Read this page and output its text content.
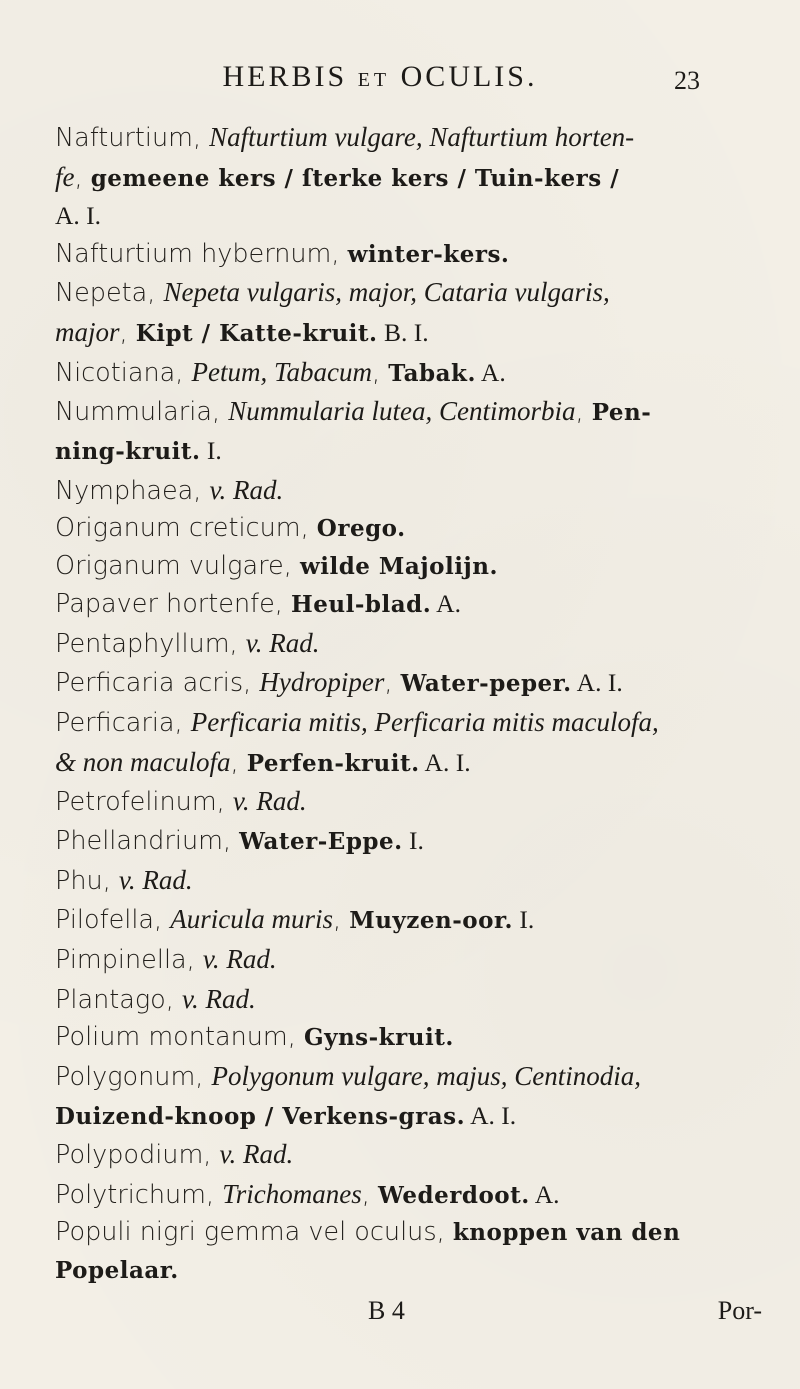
HERBIS ET OCULIS.	23
Nafturtium, Nafturtium vulgare, Nafturtium horten-
fe, gemeene kers / ſterke kers / Tuin-kers /
A. I.
Nafturtium hybernum, winter-kers.
Nepeta, Nepeta vulgaris, major, Cataria vulgaris,
major, Kipt / Katte-kruit. B. I.
Nicotiana, Petum, Tabacum, Tabak. A.
Nummularia, Nummularia lutea, Centimorbia, Pen-
ning-kruit. I.
Nymphaea, v. Rad.
Origanum creticum, Orego.
Origanum vulgare, wilde Majolijn.
Papaver hortenfe, Heul-blad. A.
Pentaphyllum, v. Rad.
Perficaria acris, Hydropiper, Water-peper. A. I.
Perficaria, Perficaria mitis, Perficaria mitis maculofa,
& non maculofa, Perfen-kruit. A. I.
Petrofelinum, v. Rad.
Phellandrium, Water-Eppe. I.
Phu, v. Rad.
Pilofella, Auricula muris, Muyzen-oor. I.
Pimpinella, v. Rad.
Plantago, v. Rad.
Polium montanum, Gyns-kruit.
Polygonum, Polygonum vulgare, majus, Centinodia,
Duizend-knoop / Verkens-gras. A. I.
Polypodium, v. Rad.
Polytrichum, Trichomanes, Wederdoot. A.
Populi nigri gemma vel oculus, knoppen van den
Popelaar.
B 4	Por-
